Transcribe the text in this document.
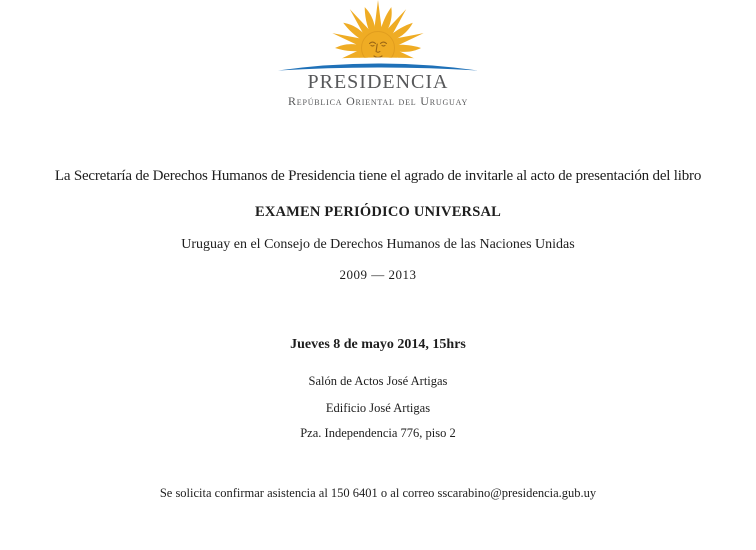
PRESIDENCIA
República Oriental del Uruguay
La Secretaría de Derechos Humanos de Presidencia tiene el agrado de invitarle al acto de presentación del libro
EXAMEN PERIÓDICO UNIVERSAL
Uruguay en el Consejo de Derechos Humanos de las Naciones Unidas
2009 — 2013
Jueves 8 de mayo 2014, 15hrs
Salón de Actos José Artigas
Edificio José Artigas
Pza. Independencia 776, piso 2
Se solicita confirmar asistencia al 150 6401 o al correo sscarabino@presidencia.gub.uy
